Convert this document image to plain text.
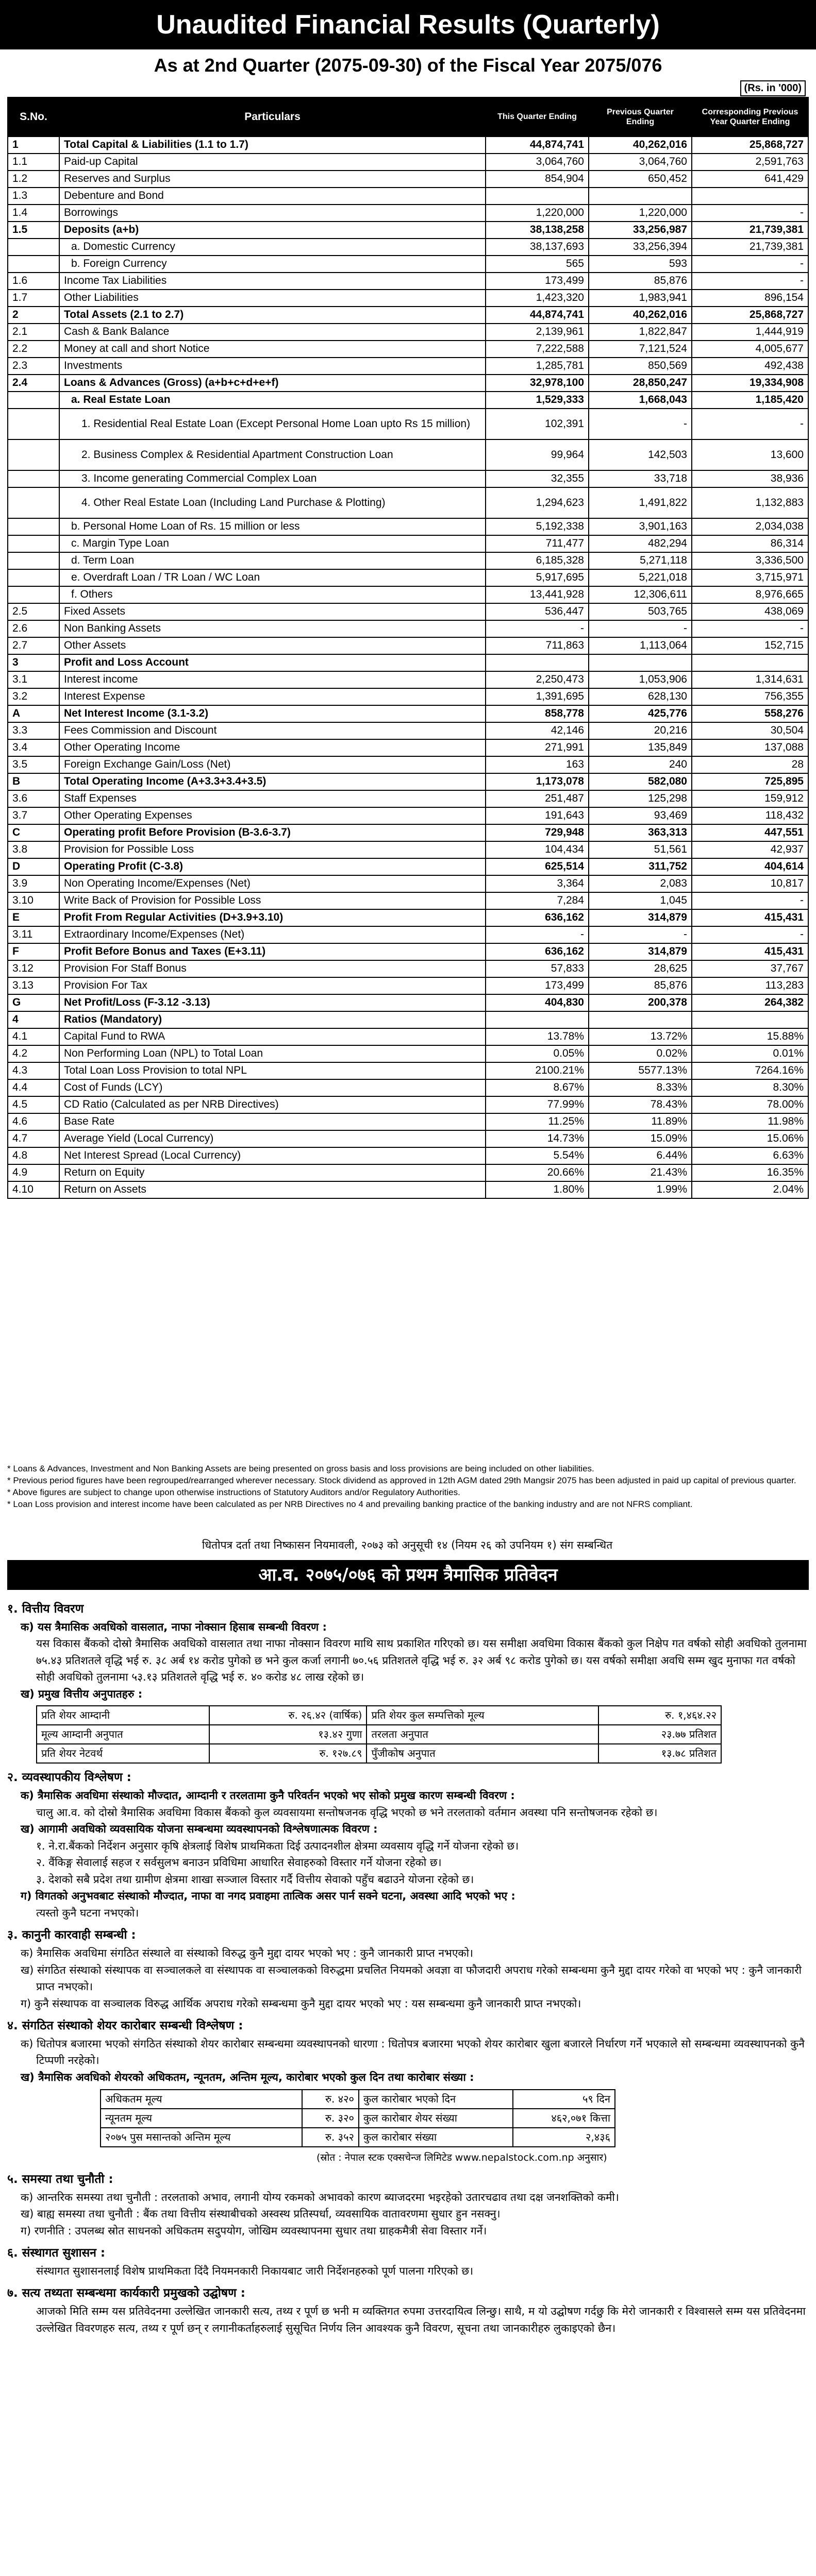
Unaudited Financial Results (Quarterly)
As at 2nd Quarter (2075-09-30) of the Fiscal Year 2075/076
(Rs. in '000)
S.No.	Particulars	This Quarter Ending	Previous Quarter Ending	Corresponding Previous Year Quarter Ending
1	Total Capital & Liabilities (1.1 to 1.7)	44,874,741	40,262,016	25,868,727
1.1	Paid-up Capital	3,064,760	3,064,760	2,591,763
1.2	Reserves and Surplus	854,904	650,452	641,429
1.3	Debenture and Bond			
1.4	Borrowings	1,220,000	1,220,000	-
1.5	Deposits (a+b)	38,138,258	33,256,987	21,739,381
	a. Domestic Currency	38,137,693	33,256,394	21,739,381
	b. Foreign Currency	565	593	-
1.6	Income Tax Liabilities	173,499	85,876	-
1.7	Other Liabilities	1,423,320	1,983,941	896,154
2	Total Assets (2.1 to 2.7)	44,874,741	40,262,016	25,868,727
2.1	Cash & Bank Balance	2,139,961	1,822,847	1,444,919
2.2	Money at call and short Notice	7,222,588	7,121,524	4,005,677
2.3	Investments	1,285,781	850,569	492,438
2.4	Loans & Advances (Gross) (a+b+c+d+e+f)	32,978,100	28,850,247	19,334,908
	a. Real Estate Loan	1,529,333	1,668,043	1,185,420
	1. Residential Real Estate Loan (Except Personal Home Loan upto Rs 15 million)	102,391	-	-
	2. Business Complex & Residential Apartment Construction Loan	99,964	142,503	13,600
	3. Income generating Commercial Complex Loan	32,355	33,718	38,936
	4. Other Real Estate Loan (Including Land Purchase & Plotting)	1,294,623	1,491,822	1,132,883
	b. Personal Home Loan of Rs. 15 million or less	5,192,338	3,901,163	2,034,038
	c. Margin Type Loan	711,477	482,294	86,314
	d. Term Loan	6,185,328	5,271,118	3,336,500
	e. Overdraft Loan / TR Loan / WC Loan	5,917,695	5,221,018	3,715,971
	f. Others	13,441,928	12,306,611	8,976,665
2.5	Fixed Assets	536,447	503,765	438,069
2.6	Non Banking Assets	-	-	-
2.7	Other Assets	711,863	1,113,064	152,715
3	Profit and Loss Account			
3.1	Interest income	2,250,473	1,053,906	1,314,631
3.2	Interest Expense	1,391,695	628,130	756,355
A	Net Interest Income (3.1-3.2)	858,778	425,776	558,276
3.3	Fees Commission and Discount	42,146	20,216	30,504
3.4	Other Operating Income	271,991	135,849	137,088
3.5	Foreign Exchange Gain/Loss (Net)	163	240	28
B	Total Operating Income (A+3.3+3.4+3.5)	1,173,078	582,080	725,895
3.6	Staff Expenses	251,487	125,298	159,912
3.7	Other Operating Expenses	191,643	93,469	118,432
C	Operating profit Before Provision (B-3.6-3.7)	729,948	363,313	447,551
3.8	Provision for Possible Loss	104,434	51,561	42,937
D	Operating Profit (C-3.8)	625,514	311,752	404,614
3.9	Non Operating Income/Expenses (Net)	3,364	2,083	10,817
3.10	Write Back of Provision for Possible Loss	7,284	1,045	-
E	Profit From Regular Activities (D+3.9+3.10)	636,162	314,879	415,431
3.11	Extraordinary Income/Expenses (Net)	-	-	-
F	Profit Before Bonus and Taxes (E+3.11)	636,162	314,879	415,431
3.12	Provision For Staff Bonus	57,833	28,625	37,767
3.13	Provision For Tax	173,499	85,876	113,283
G	Net Profit/Loss (F-3.12 -3.13)	404,830	200,378	264,382
4	Ratios (Mandatory)			
4.1	Capital Fund to RWA	13.78%	13.72%	15.88%
4.2	Non Performing Loan (NPL) to Total Loan	0.05%	0.02%	0.01%
4.3	Total Loan Loss Provision to total NPL	2100.21%	5577.13%	7264.16%
4.4	Cost of Funds (LCY)	8.67%	8.33%	8.30%
4.5	CD Ratio (Calculated as per NRB Directives)	77.99%	78.43%	78.00%
4.6	Base Rate	11.25%	11.89%	11.98%
4.7	Average Yield (Local Currency)	14.73%	15.09%	15.06%
4.8	Net Interest Spread (Local Currency)	5.54%	6.44%	6.63%
4.9	Return on Equity	20.66%	21.43%	16.35%
4.10	Return on Assets	1.80%	1.99%	2.04%
* Loans & Advances, Investment and Non Banking Assets are being presented on gross basis and loss provisions are being included on other liabilities.
* Previous period figures have been regrouped/rearranged wherever necessary. Stock dividend as approved in 12th AGM dated 29th Mangsir 2075 has been adjusted in paid up capital of previous quarter.
* Above figures are subject to change upon otherwise instructions of Statutory Auditors and/or Regulatory Authorities.
* Loan Loss provision and interest income have been calculated as per NRB Directives no 4 and prevailing banking practice of the banking industry and are not NFRS compliant.
धितोपत्र दर्ता तथा निष्कासन नियमावली, २०७३ को अनुसूची १४ (नियम २६ को उपनियम १) संग सम्बन्धित
आ.व. २०७५/०७६ को प्रथम त्रैमासिक प्रतिवेदन
१. वित्तीय विवरण
क) यस त्रैमासिक अवधिको वासलात, नाफा नोक्सान हिसाब सम्बन्धी विवरण :
यस विकास बैंकको दोस्रो त्रैमासिक अवधिको वासलात तथा नाफा नोक्सान विवरण माथि साथ प्रकाशित गरिएको छ। यस समीक्षा अवधिमा विकास बैंकको कुल निक्षेप गत वर्षको सोही अवधिको तुलनामा ७५.४३ प्रतिशतले वृद्धि भई रु. ३८ अर्ब १४ करोड पुगेको छ भने कुल कर्जा लगानी ७०.५६ प्रतिशतले वृद्धि भई रु. ३२ अर्ब ९८ करोड पुगेको छ। यस वर्षको समीक्षा अवधि सम्म खुद मुनाफा गत वर्षको सोही अवधिको तुलनामा ५३.१३ प्रतिशतले वृद्धि भई रु. ४० करोड ४८ लाख रहेको छ।
ख) प्रमुख वित्तीय अनुपातहरु :
प्रति शेयर आम्दानी	रु. २६.४२ (वार्षिक)	प्रति शेयर कुल सम्पत्तिको मूल्य	रु. १,४६४.२२
मूल्य आम्दानी अनुपात	१३.४२ गुणा	तरलता अनुपात	२३.७७ प्रतिशत
प्रति शेयर नेटवर्थ	रु. १२७.८९	पुँजीकोष अनुपात	१३.७८ प्रतिशत
२. व्यवस्थापकीय विश्लेषण :
क) त्रैमासिक अवधिमा संस्थाको मौज्दात, आम्दानी र तरलतामा कुनै परिवर्तन भएको भए सोको प्रमुख कारण सम्बन्धी विवरण :
चालु आ.व. को दोस्रो त्रैमासिक अवधिमा विकास बैंकको कुल व्यवसायमा सन्तोषजनक वृद्धि भएको छ भने तरलताको वर्तमान अवस्था पनि सन्तोषजनक रहेको छ।
ख) आगामी अवधिको व्यवसायिक योजना सम्बन्धमा व्यवस्थापनको विश्लेषणात्मक विवरण :
१. ने.रा.बैंकको निर्देशन अनुसार कृषि क्षेत्रलाई विशेष प्राथमिकता दिई उत्पादनशील क्षेत्रमा व्यवसाय वृद्धि गर्ने योजना रहेको छ।
२. वैंकिङ्ग सेवालाई सहज र सर्वसुलभ बनाउन प्रविधिमा आधारित सेवाहरुको विस्तार गर्ने योजना रहेको छ।
३. देशको सबै प्रदेश तथा ग्रामीण क्षेत्रमा शाखा सञ्जाल विस्तार गर्दै वित्तीय सेवाको पहुँच बढाउने योजना रहेको छ।
ग) विगतको अनुभवबाट संस्थाको मौज्दात, नाफा वा नगद प्रवाहमा तात्विक असर पार्न सक्ने घटना, अवस्था आदि भएको भए :
त्यस्तो कुनै घटना नभएको।
३. कानुनी कारवाही सम्बन्धी :
क) त्रैमासिक अवधिमा संगठित संस्थाले वा संस्थाको विरुद्ध कुनै मुद्दा दायर भएको भए : कुनै जानकारी प्राप्त नभएको।
ख) संगठित संस्थाको संस्थापक वा सञ्चालकले वा संस्थापक वा सञ्चालकको विरुद्धमा प्रचलित नियमको अवज्ञा वा फौजदारी अपराध गरेको सम्बन्धमा कुनै मुद्दा दायर गरेको वा भएको भए : कुनै जानकारी प्राप्त नभएको।
ग) कुनै संस्थापक वा सञ्चालक विरुद्ध आर्थिक अपराध गरेको सम्बन्धमा कुनै मुद्दा दायर भएको भए : यस सम्बन्धमा कुनै जानकारी प्राप्त नभएको।
४. संगठित संस्थाको शेयर कारोबार सम्बन्धी विश्लेषण :
क) धितोपत्र बजारमा भएको संगठित संस्थाको शेयर कारोबार सम्बन्धमा व्यवस्थापनको धारणा : धितोपत्र बजारमा भएको शेयर कारोबार खुला बजारले निर्धारण गर्ने भएकाले सो सम्बन्धमा व्यवस्थापनको कुनै टिप्पणी नरहेको।
ख) त्रैमासिक अवधिको शेयरको अधिकतम, न्यूनतम, अन्तिम मूल्य, कारोबार भएको कुल दिन तथा कारोबार संख्या :
अधिकतम मूल्य	रु. ४२०	कुल कारोबार भएको दिन	५९ दिन
न्यूनतम मूल्य	रु. ३२०	कुल कारोबार शेयर संख्या	४६२,०७१ कित्ता
२०७५ पुस मसान्तको अन्तिम मूल्य	रु. ३५२	कुल कारोबार संख्या	२,४३६
(स्रोत : नेपाल स्टक एक्सचेन्ज लिमिटेड www.nepalstock.com.np अनुसार)
५. समस्या तथा चुनौती :
क) आन्तरिक समस्या तथा चुनौती : तरलताको अभाव, लगानी योग्य रकमको अभावको कारण ब्याजदरमा भइरहेको उतारचढाव तथा दक्ष जनशक्तिको कमी।
ख) बाह्य समस्या तथा चुनौती : बैंक तथा वित्तीय संस्थाबीचको अस्वस्थ प्रतिस्पर्धा, व्यवसायिक वातावरणमा सुधार हुन नसक्नु।
ग) रणनीति : उपलब्ध स्रोत साधनको अधिकतम सदुपयोग, जोखिम व्यवस्थापनमा सुधार तथा ग्राहकमैत्री सेवा विस्तार गर्ने।
६. संस्थागत सुशासन :
संस्थागत सुशासनलाई विशेष प्राथमिकता दिंदै नियमनकारी निकायबाट जारी निर्देशनहरुको पूर्ण पालना गरिएको छ।
७. सत्य तथ्यता सम्बन्धमा कार्यकारी प्रमुखको उद्घोषण :
आजको मिति सम्म यस प्रतिवेदनमा उल्लेखित जानकारी सत्य, तथ्य र पूर्ण छ भनी म व्यक्तिगत रुपमा उत्तरदायित्व लिन्छु। साथै, म यो उद्घोषण गर्दछु कि मेरो जानकारी र विश्वासले सम्म यस प्रतिवेदनमा उल्लेखित विवरणहरु सत्य, तथ्य र पूर्ण छन् र लगानीकर्ताहरुलाई सुसूचित निर्णय लिन आवश्यक कुनै विवरण, सूचना तथा जानकारीहरु लुकाइएको छैन।
